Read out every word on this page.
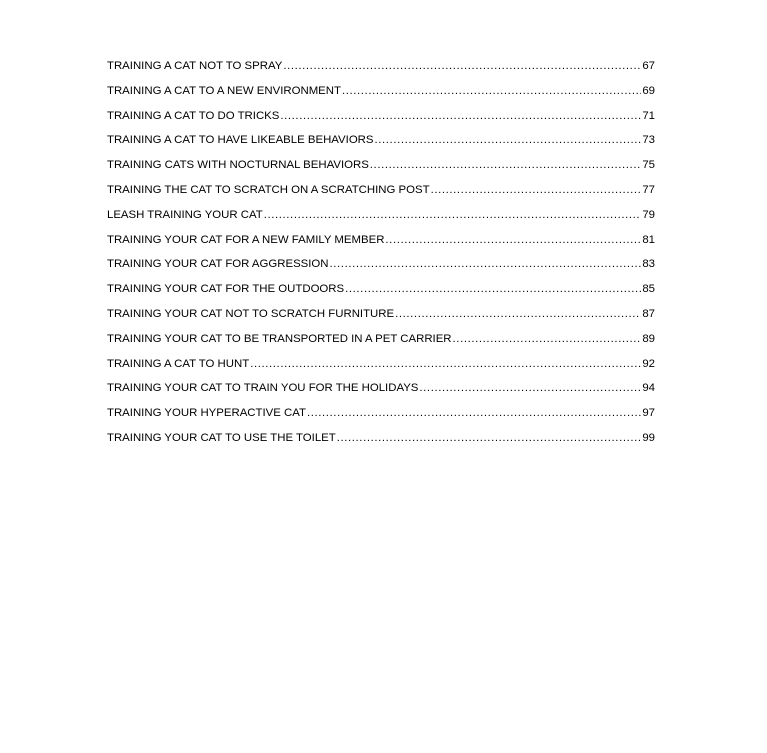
TRAINING A CAT NOT TO SPRAY .....	67
TRAINING A CAT TO A NEW ENVIRONMENT .....	69
TRAINING A CAT TO DO TRICKS .....	71
TRAINING A CAT TO HAVE LIKEABLE BEHAVIORS .....	73
TRAINING CATS WITH NOCTURNAL BEHAVIORS .....	75
TRAINING THE CAT TO SCRATCH ON A SCRATCHING POST .....	77
LEASH TRAINING YOUR CAT .....	79
TRAINING YOUR CAT FOR A NEW FAMILY MEMBER .....	81
TRAINING YOUR CAT FOR AGGRESSION .....	83
TRAINING YOUR CAT FOR THE OUTDOORS .....	85
TRAINING YOUR CAT NOT TO SCRATCH FURNITURE .....	87
TRAINING YOUR CAT TO BE TRANSPORTED IN A PET CARRIER .....	89
TRAINING A CAT TO HUNT .....	92
TRAINING YOUR CAT TO TRAIN YOU FOR THE HOLIDAYS .....	94
TRAINING YOUR HYPERACTIVE CAT .....	97
TRAINING YOUR CAT TO USE THE TOILET .....	99
